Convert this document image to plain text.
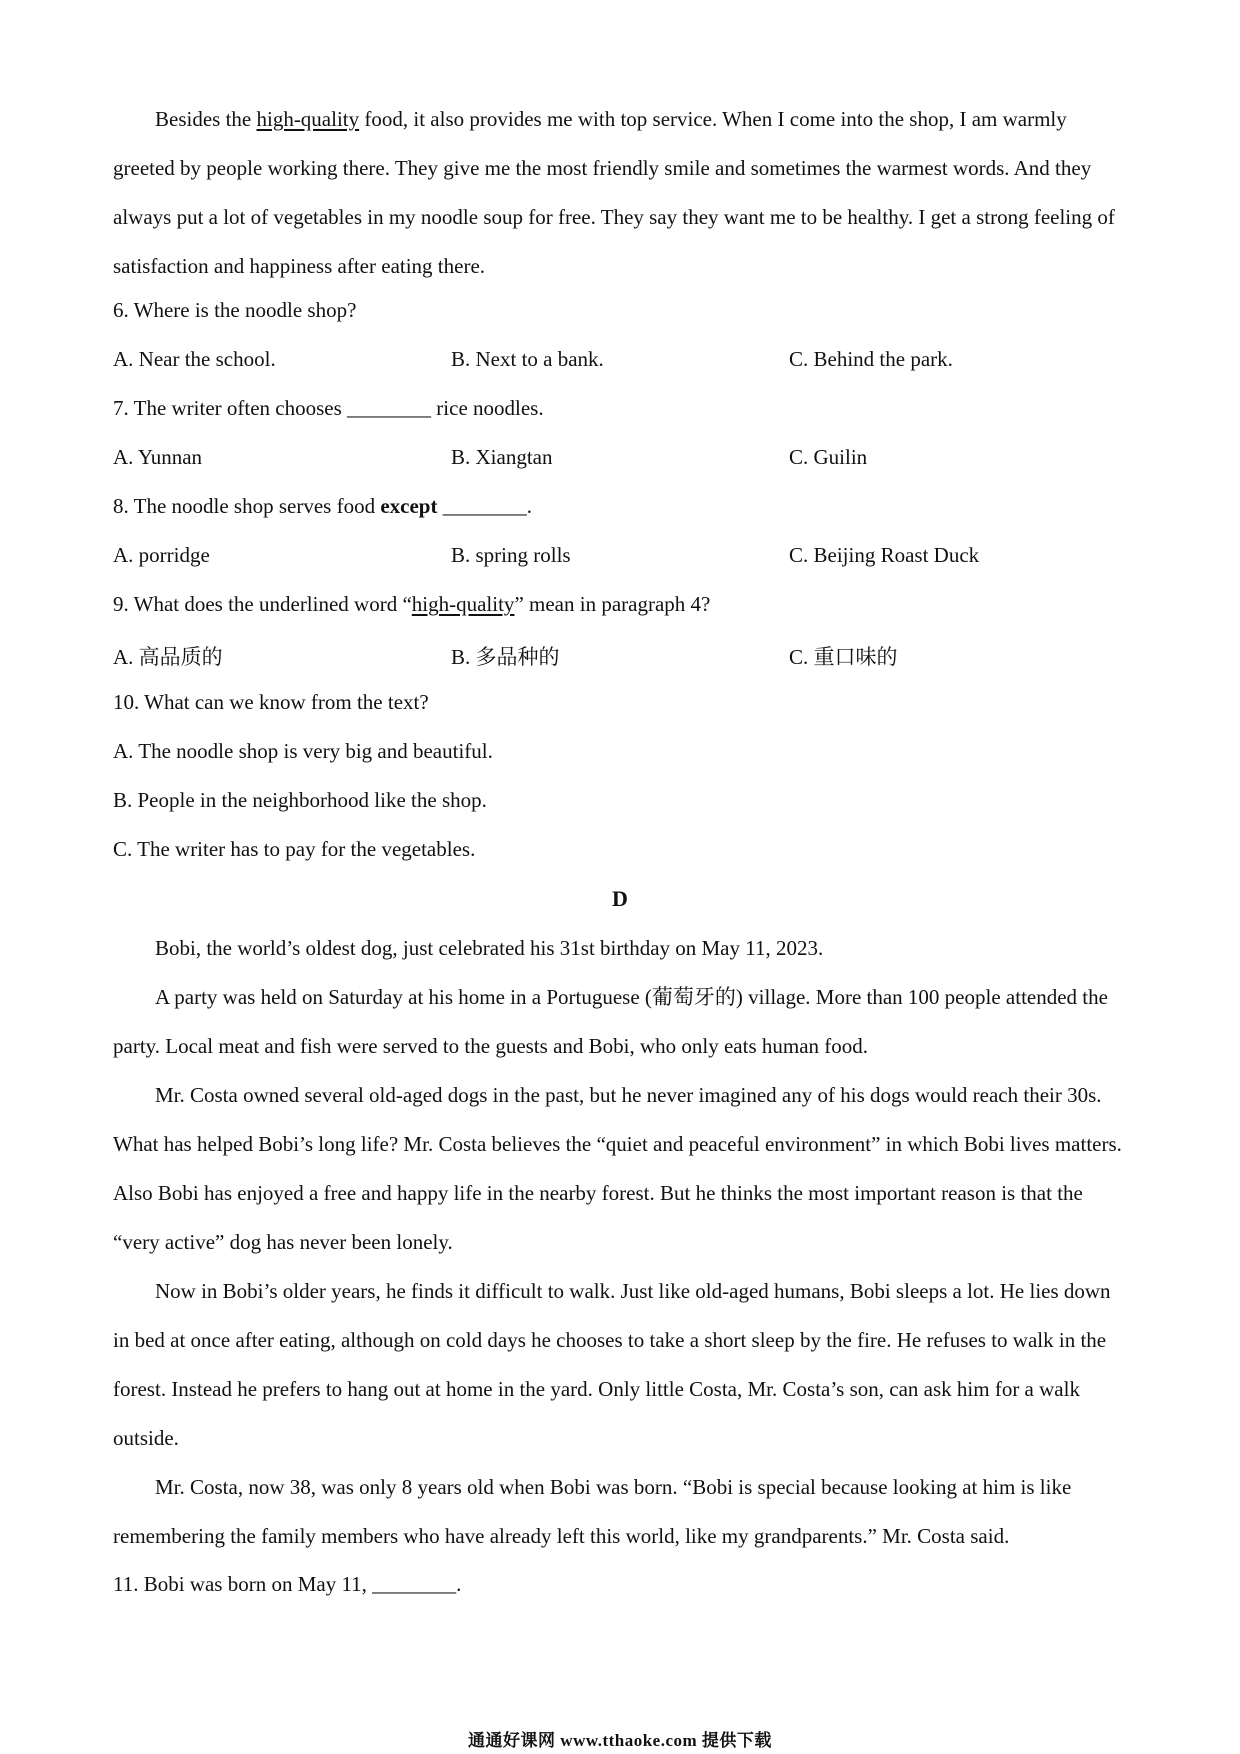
Besides the high-quality food, it also provides me with top service. When I come into the shop, I am warmly greeted by people working there. They give me the most friendly smile and sometimes the warmest words. And they always put a lot of vegetables in my noodle soup for free. They say they want me to be healthy. I get a strong feeling of satisfaction and happiness after eating there.
6. Where is the noodle shop?
A. Near the school.	B. Next to a bank.	C. Behind the park.
7. The writer often chooses ________ rice noodles.
A. Yunnan	B. Xiangtan	C. Guilin
8. The noodle shop serves food except ________.
A. porridge	B. spring rolls	C. Beijing Roast Duck
9. What does the underlined word “high-quality” mean in paragraph 4?
A. 高品质的	B. 多品种的	C. 重口味的
10. What can we know from the text?
A. The noodle shop is very big and beautiful.
B. People in the neighborhood like the shop.
C. The writer has to pay for the vegetables.
D
Bobi, the world’s oldest dog, just celebrated his 31st birthday on May 11, 2023.
A party was held on Saturday at his home in a Portuguese (葡萄牙的) village. More than 100 people attended the party. Local meat and fish were served to the guests and Bobi, who only eats human food.
Mr. Costa owned several old-aged dogs in the past, but he never imagined any of his dogs would reach their 30s. What has helped Bobi’s long life? Mr. Costa believes the “quiet and peaceful environment” in which Bobi lives matters. Also Bobi has enjoyed a free and happy life in the nearby forest. But he thinks the most important reason is that the “very active” dog has never been lonely.
Now in Bobi’s older years, he finds it difficult to walk. Just like old-aged humans, Bobi sleeps a lot. He lies down in bed at once after eating, although on cold days he chooses to take a short sleep by the fire. He refuses to walk in the forest. Instead he prefers to hang out at home in the yard. Only little Costa, Mr. Costa’s son, can ask him for a walk outside.
Mr. Costa, now 38, was only 8 years old when Bobi was born. “Bobi is special because looking at him is like remembering the family members who have already left this world, like my grandparents.” Mr. Costa said.
11. Bobi was born on May 11, ________.
通通好课网 www.tthaoke.com 提供下载
